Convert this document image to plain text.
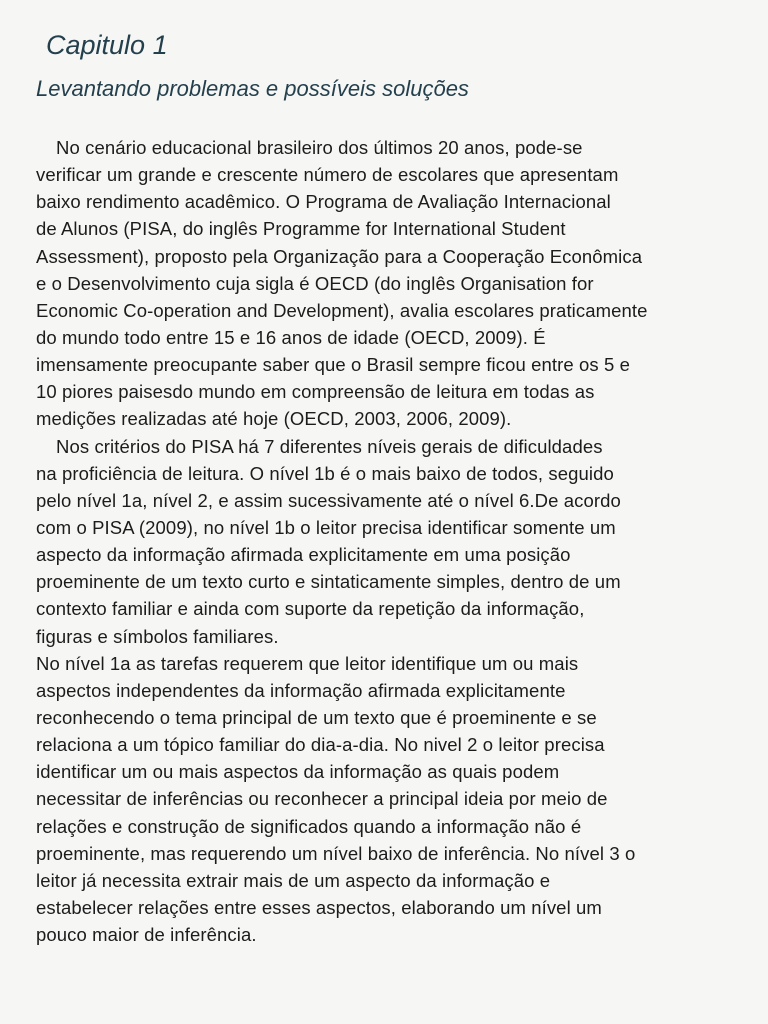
Capitulo 1
Levantando problemas e possíveis soluções
No cenário educacional brasileiro dos últimos 20 anos, pode-se
verificar um grande e crescente número de escolares que apresentam
baixo rendimento acadêmico. O Programa de Avaliação Internacional
de Alunos (PISA, do inglês Programme for International Student
Assessment), proposto pela Organização para a Cooperação Econômica
e o Desenvolvimento cuja sigla é OECD (do inglês Organisation for
Economic Co-operation and Development), avalia escolares praticamente
do mundo todo entre 15 e 16 anos de idade (OECD, 2009). É
imensamente preocupante saber que o Brasil sempre ficou entre os 5 e
10 piores paisesdo mundo em compreensão de leitura em todas as
medições realizadas até hoje (OECD, 2003, 2006, 2009).
Nos critérios do PISA há 7 diferentes níveis gerais de dificuldades
na proficiência de leitura. O nível 1b é o mais baixo de todos, seguido
pelo nível 1a, nível 2, e assim sucessivamente até o nível 6.De acordo
com o PISA (2009), no nível 1b o leitor precisa identificar somente um
aspecto da informação afirmada explicitamente em uma posição
proeminente de um texto curto e sintaticamente simples, dentro de um
contexto familiar e ainda com suporte da repetição da informação,
figuras e símbolos familiares.
No nível 1a as tarefas requerem que leitor identifique um ou mais
aspectos independentes da informação afirmada explicitamente
reconhecendo o tema principal de um texto que é proeminente e se
relaciona a um tópico familiar do dia-a-dia. No nivel 2 o leitor precisa
identificar um ou mais aspectos da informação as quais podem
necessitar de inferências ou reconhecer a principal ideia por meio de
relações e construção de significados quando a informação não é
proeminente, mas requerendo um nível baixo de inferência. No nível 3 o
leitor já necessita extrair mais de um aspecto da informação e
estabelecer relações entre esses aspectos, elaborando um nível um
pouco maior de inferência.
